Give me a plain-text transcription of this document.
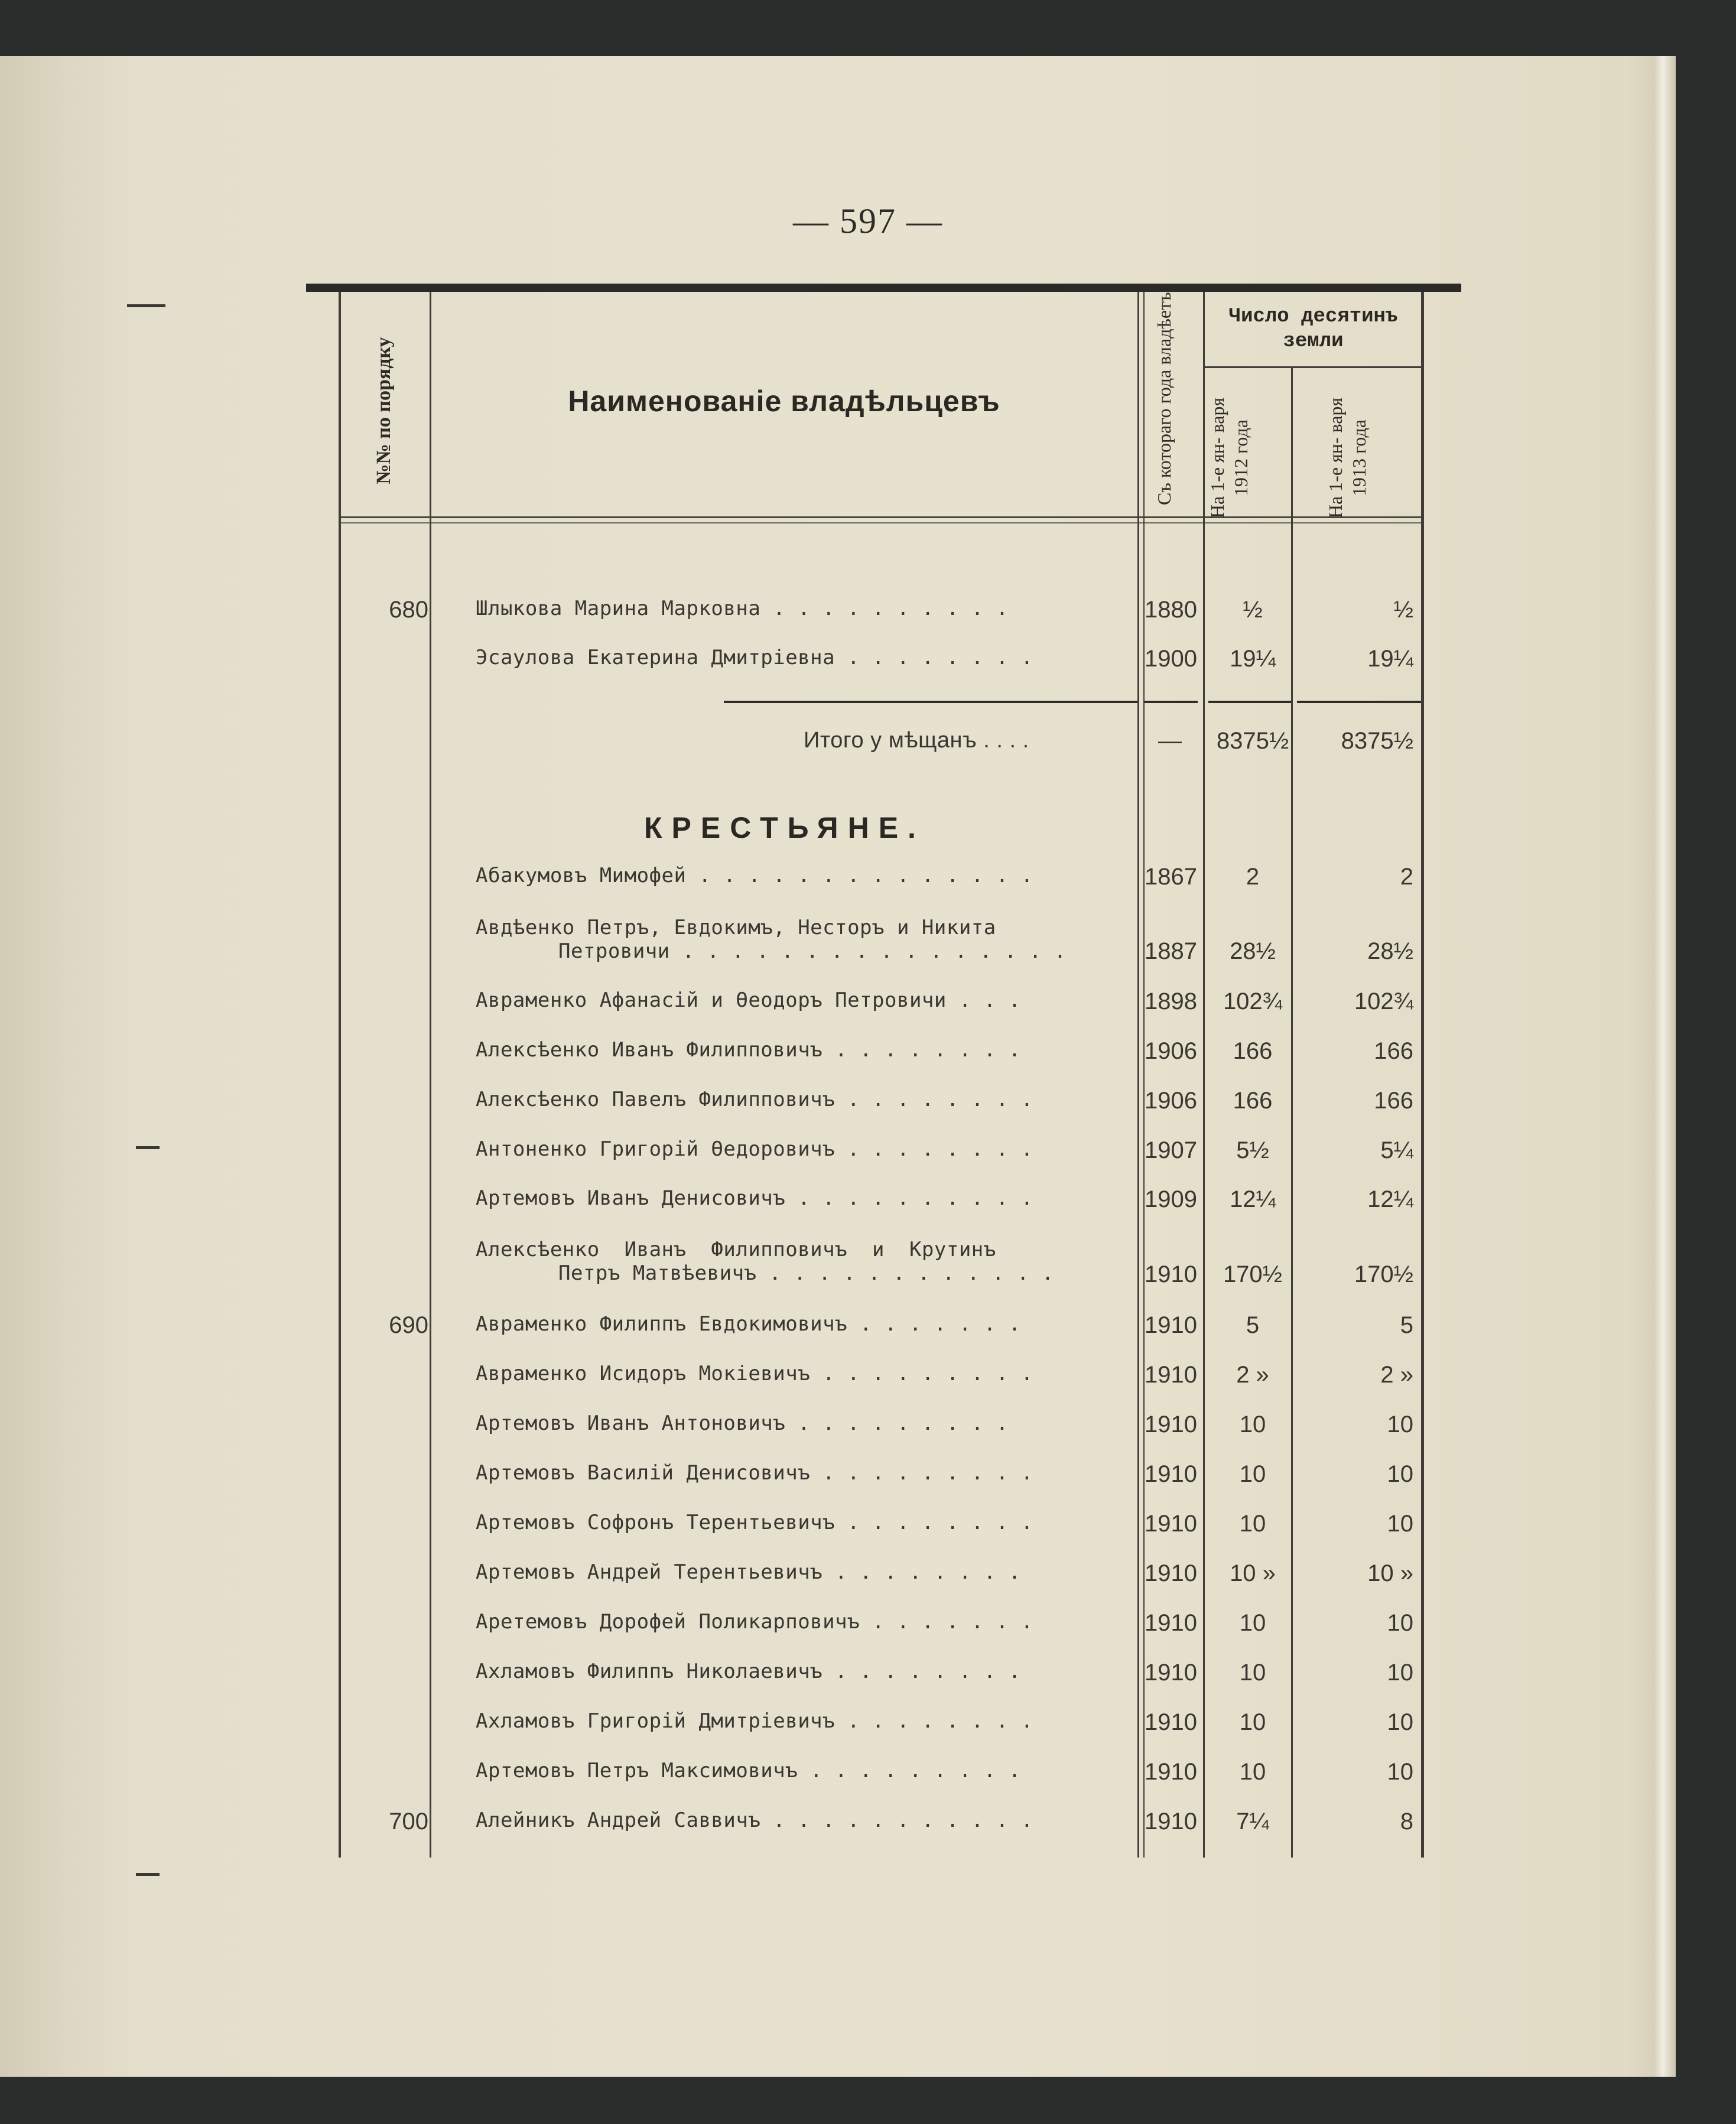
— 597 —
№№ по порядку	Наименованіе владѣльцевъ	Съ котораго года владѣетъ	Число десятинъ земли
На 1-е ян- варя 1912 года	На 1-е ян- варя 1913 года
680 Шлыкова Марина Марковна . . . . . . . . . .	1880	½	½
Эсаулова Екатерина Дмитріевна . . . . . . . .	1900	19¼	19¼
Итого у мѣщанъ . . . .	—	8375½	8375½
КРЕСТЬЯНЕ.
Абакумовъ Мимофей . . . . . . . . . . . . . .	1867	2	2
Авдѣенко Петръ, Евдокимъ, Несторъ и Никита
Петровичи . . . . . . . . . . . . . . . .	1887	28½	28½
Авраменко Афанасій и Өеодоръ Петровичи . . .	1898	102¾	102¾
Алексѣенко Иванъ Филипповичъ . . . . . . . .	1906	166	166
Алексѣенко Павелъ Филипповичъ . . . . . . . .	1906	166	166
Антоненко Григорій Өедоровичъ . . . . . . . .	1907	5½	5¼
Артемовъ Иванъ Денисовичъ . . . . . . . . . .	1909	12¼	12¼
Алексѣенко  Иванъ  Филипповичъ  и  Крутинъ
Петръ Матвѣевичъ . . . . . . . . . . . .	1910	170½	170½
690 Авраменко Филиппъ Евдокимовичъ . . . . . . .	1910	5	5
Авраменко Исидоръ Мокіевичъ . . . . . . . . .	1910	2 »	2 »
Артемовъ Иванъ Антоновичъ . . . . . . . . .	1910	10	10
Артемовъ Василій Денисовичъ . . . . . . . . .	1910	10	10
Артемовъ Софронъ Терентьевичъ . . . . . . . .	1910	10	10
Артемовъ Андрей Терентьевичъ . . . . . . . .	1910	10 »	10 »
Аретемовъ Дорофей Поликарповичъ . . . . . . .	1910	10	10
Ахламовъ Филиппъ Николаевичъ . . . . . . . .	1910	10	10
Ахламовъ Григорій Дмитріевичъ . . . . . . . .	1910	10	10
Артемовъ Петръ Максимовичъ . . . . . . . . .	1910	10	10
700 Алейникъ Андрей Саввичъ . . . . . . . . . . .	1910	7¼	8
